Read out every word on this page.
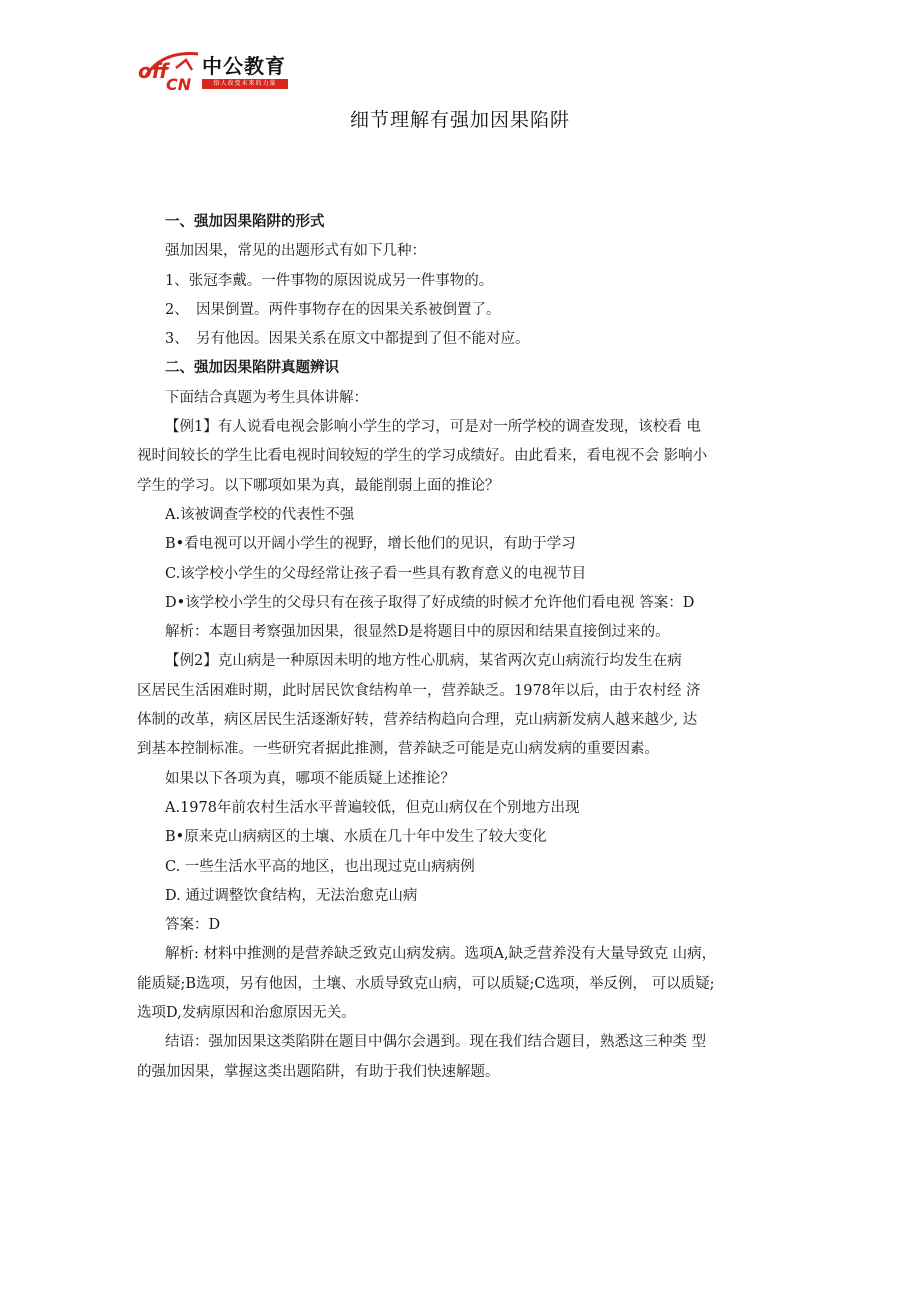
off
CN
中公教育
给人改变未来的力量
细节理解有强加因果陷阱

一、强加因果陷阱的形式

强加因果，常见的出题形式有如下几种：

1、张冠李戴。一件事物的原因说成另一件事物的。

2、　因果倒置。两件事物存在的因果关系被倒置了。

3、　另有他因。因果关系在原文中都提到了但不能对应。

二、强加因果陷阱真题辨识

下面结合真题为考生具体讲解：

【例1】有人说看电视会影响小学生的学习，可是对一所学校的调查发现，该校看 电

视时间较长的学生比看电视时间较短的学生的学习成绩好。由此看来，看电视不会 影响小

学生的学习。以下哪项如果为真，最能削弱上面的推论？

A.该被调查学校的代表性不强

B•看电视可以开阔小学生的视野，增长他们的见识，有助于学习

C.该学校小学生的父母经常让孩子看一些具有教育意义的电视节目

D•该学校小学生的父母只有在孩子取得了好成绩的时候才允许他们看电视 答案：D

解析：本题目考察强加因果，很显然D是将题目中的原因和结果直接倒过来的。

【例2】克山病是一种原因未明的地方性心肌病，某省两次克山病流行均发生在病

区居民生活困难时期，此时居民饮食结构单一，营养缺乏。1978年以后，由于农村经 济

体制的改革，病区居民生活逐渐好转，营养结构趋向合理，克山病新发病人越来越少, 达

到基本控制标准。一些研究者据此推测，营养缺乏可能是克山病发病的重要因素。

如果以下各项为真，哪项不能质疑上述推论？

A.1978年前农村生活水平普遍较低，但克山病仅在个别地方出现

B•原来克山病病区的土壤、水质在几十年中发生了较大变化

C. 一些生活水平高的地区，也出现过克山病病例

D. 通过调整饮食结构，无法治愈克山病

答案：D

解析: 材料中推测的是营养缺乏致克山病发病。选项A,缺乏营养没有大量导致克 山病，

能质疑;B选项，另有他因，土壤、水质导致克山病，可以质疑;C选项，举反例， 可以质疑;

选项D,发病原因和治愈原因无关。

结语：强加因果这类陷阱在题目中偶尔会遇到。现在我们结合题目，熟悉这三种类 型

的强加因果，掌握这类出题陷阱，有助于我们快速解题。
